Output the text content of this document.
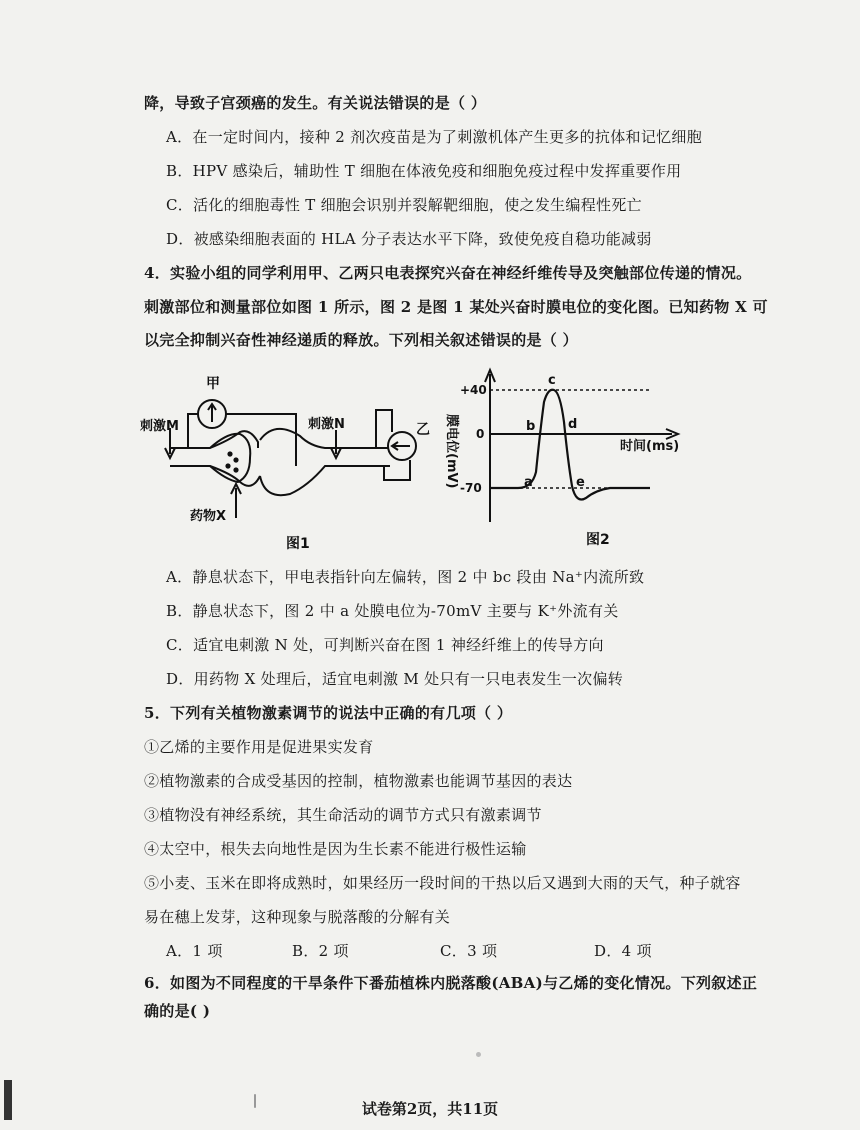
降，导致子宫颈癌的发生。有关说法错误的是（ ）
A．在一定时间内，接种 2 剂次疫苗是为了刺激机体产生更多的抗体和记忆细胞
B．HPV 感染后，辅助性 T 细胞在体液免疫和细胞免疫过程中发挥重要作用
C．活化的细胞毒性 T 细胞会识别并裂解靶细胞，使之发生编程性死亡
D．被感染细胞表面的 HLA 分子表达水平下降，致使免疫自稳功能减弱
4．实验小组的同学利用甲、乙两只电表探究兴奋在神经纤维传导及突触部位传递的情况。
刺激部位和测量部位如图 1 所示，图 2 是图 1 某处兴奋时膜电位的变化图。已知药物 X 可
以完全抑制兴奋性神经递质的释放。下列相关叙述错误的是（ ）
甲
乙
刺激M	刺激N
药物X
图1
+40
0
-70
膜电位(mV)	时间(ms)
a
b
c
d
e
图2
A．静息状态下，甲电表指针向左偏转，图 2 中 bc 段由 Na⁺内流所致
B．静息状态下，图 2 中 a 处膜电位为-70mV 主要与 K⁺外流有关
C．适宜电刺激 N 处，可判断兴奋在图 1 神经纤维上的传导方向
D．用药物 X 处理后，适宜电刺激 M 处只有一只电表发生一次偏转
5．下列有关植物激素调节的说法中正确的有几项（ ）
①乙烯的主要作用是促进果实发育
②植物激素的合成受基因的控制，植物激素也能调节基因的表达
③植物没有神经系统，其生命活动的调节方式只有激素调节
④太空中，根失去向地性是因为生长素不能进行极性运输
⑤小麦、玉米在即将成熟时，如果经历一段时间的干热以后又遇到大雨的天气，种子就容
易在穗上发芽，这种现象与脱落酸的分解有关
A．1 项	B．2 项	C．3 项	D．4 项
6．如图为不同程度的干旱条件下番茄植株内脱落酸(ABA)与乙烯的变化情况。下列叙述正
确的是( )
试卷第2页，共11页
